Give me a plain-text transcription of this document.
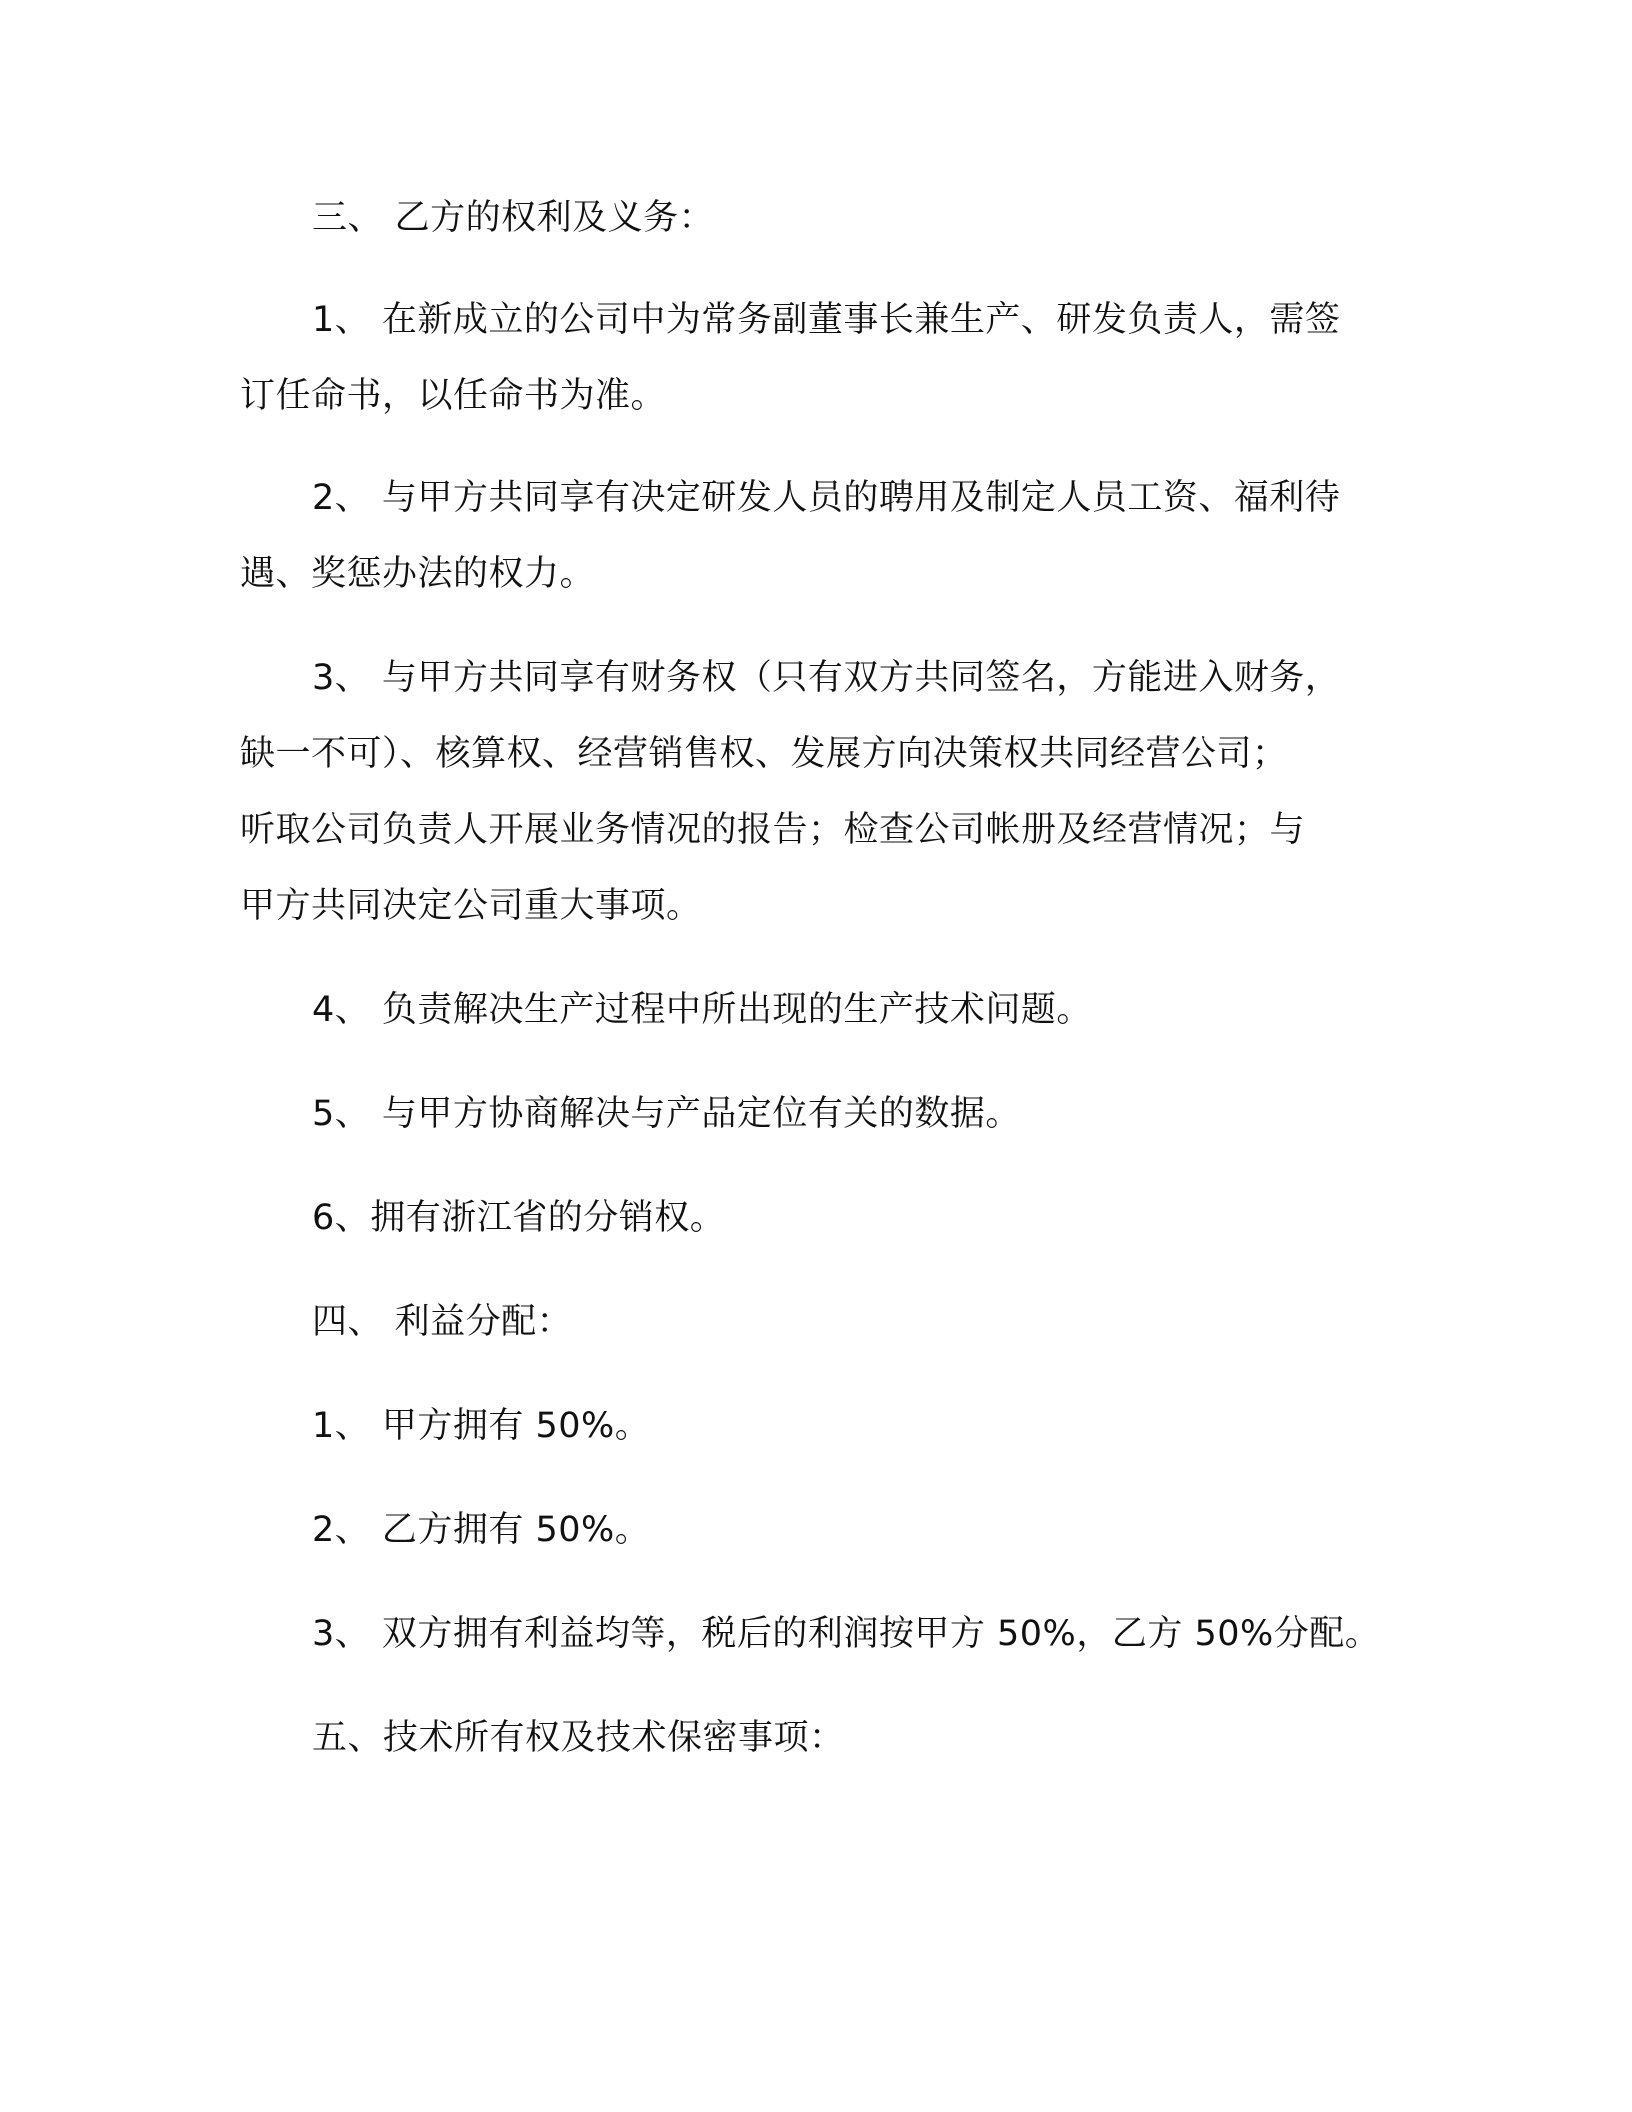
三、 乙方的权利及义务：
1、 在新成立的公司中为常务副董事长兼生产、研发负责人，需签
订任命书，以任命书为准。
2、 与甲方共同享有决定研发人员的聘用及制定人员工资、福利待
遇、奖惩办法的权力。
3、 与甲方共同享有财务权（只有双方共同签名，方能进入财务，
缺一不可）、核算权、经营销售权、发展方向决策权共同经营公司；
听取公司负责人开展业务情况的报告；检查公司帐册及经营情况；与
甲方共同决定公司重大事项。
4、 负责解决生产过程中所出现的生产技术问题。
5、 与甲方协商解决与产品定位有关的数据。
6、拥有浙江省的分销权。
四、 利益分配：
1、 甲方拥有 50%。
2、 乙方拥有 50%。
3、 双方拥有利益均等，税后的利润按甲方 50%，乙方 50%分配。
五、技术所有权及技术保密事项：
